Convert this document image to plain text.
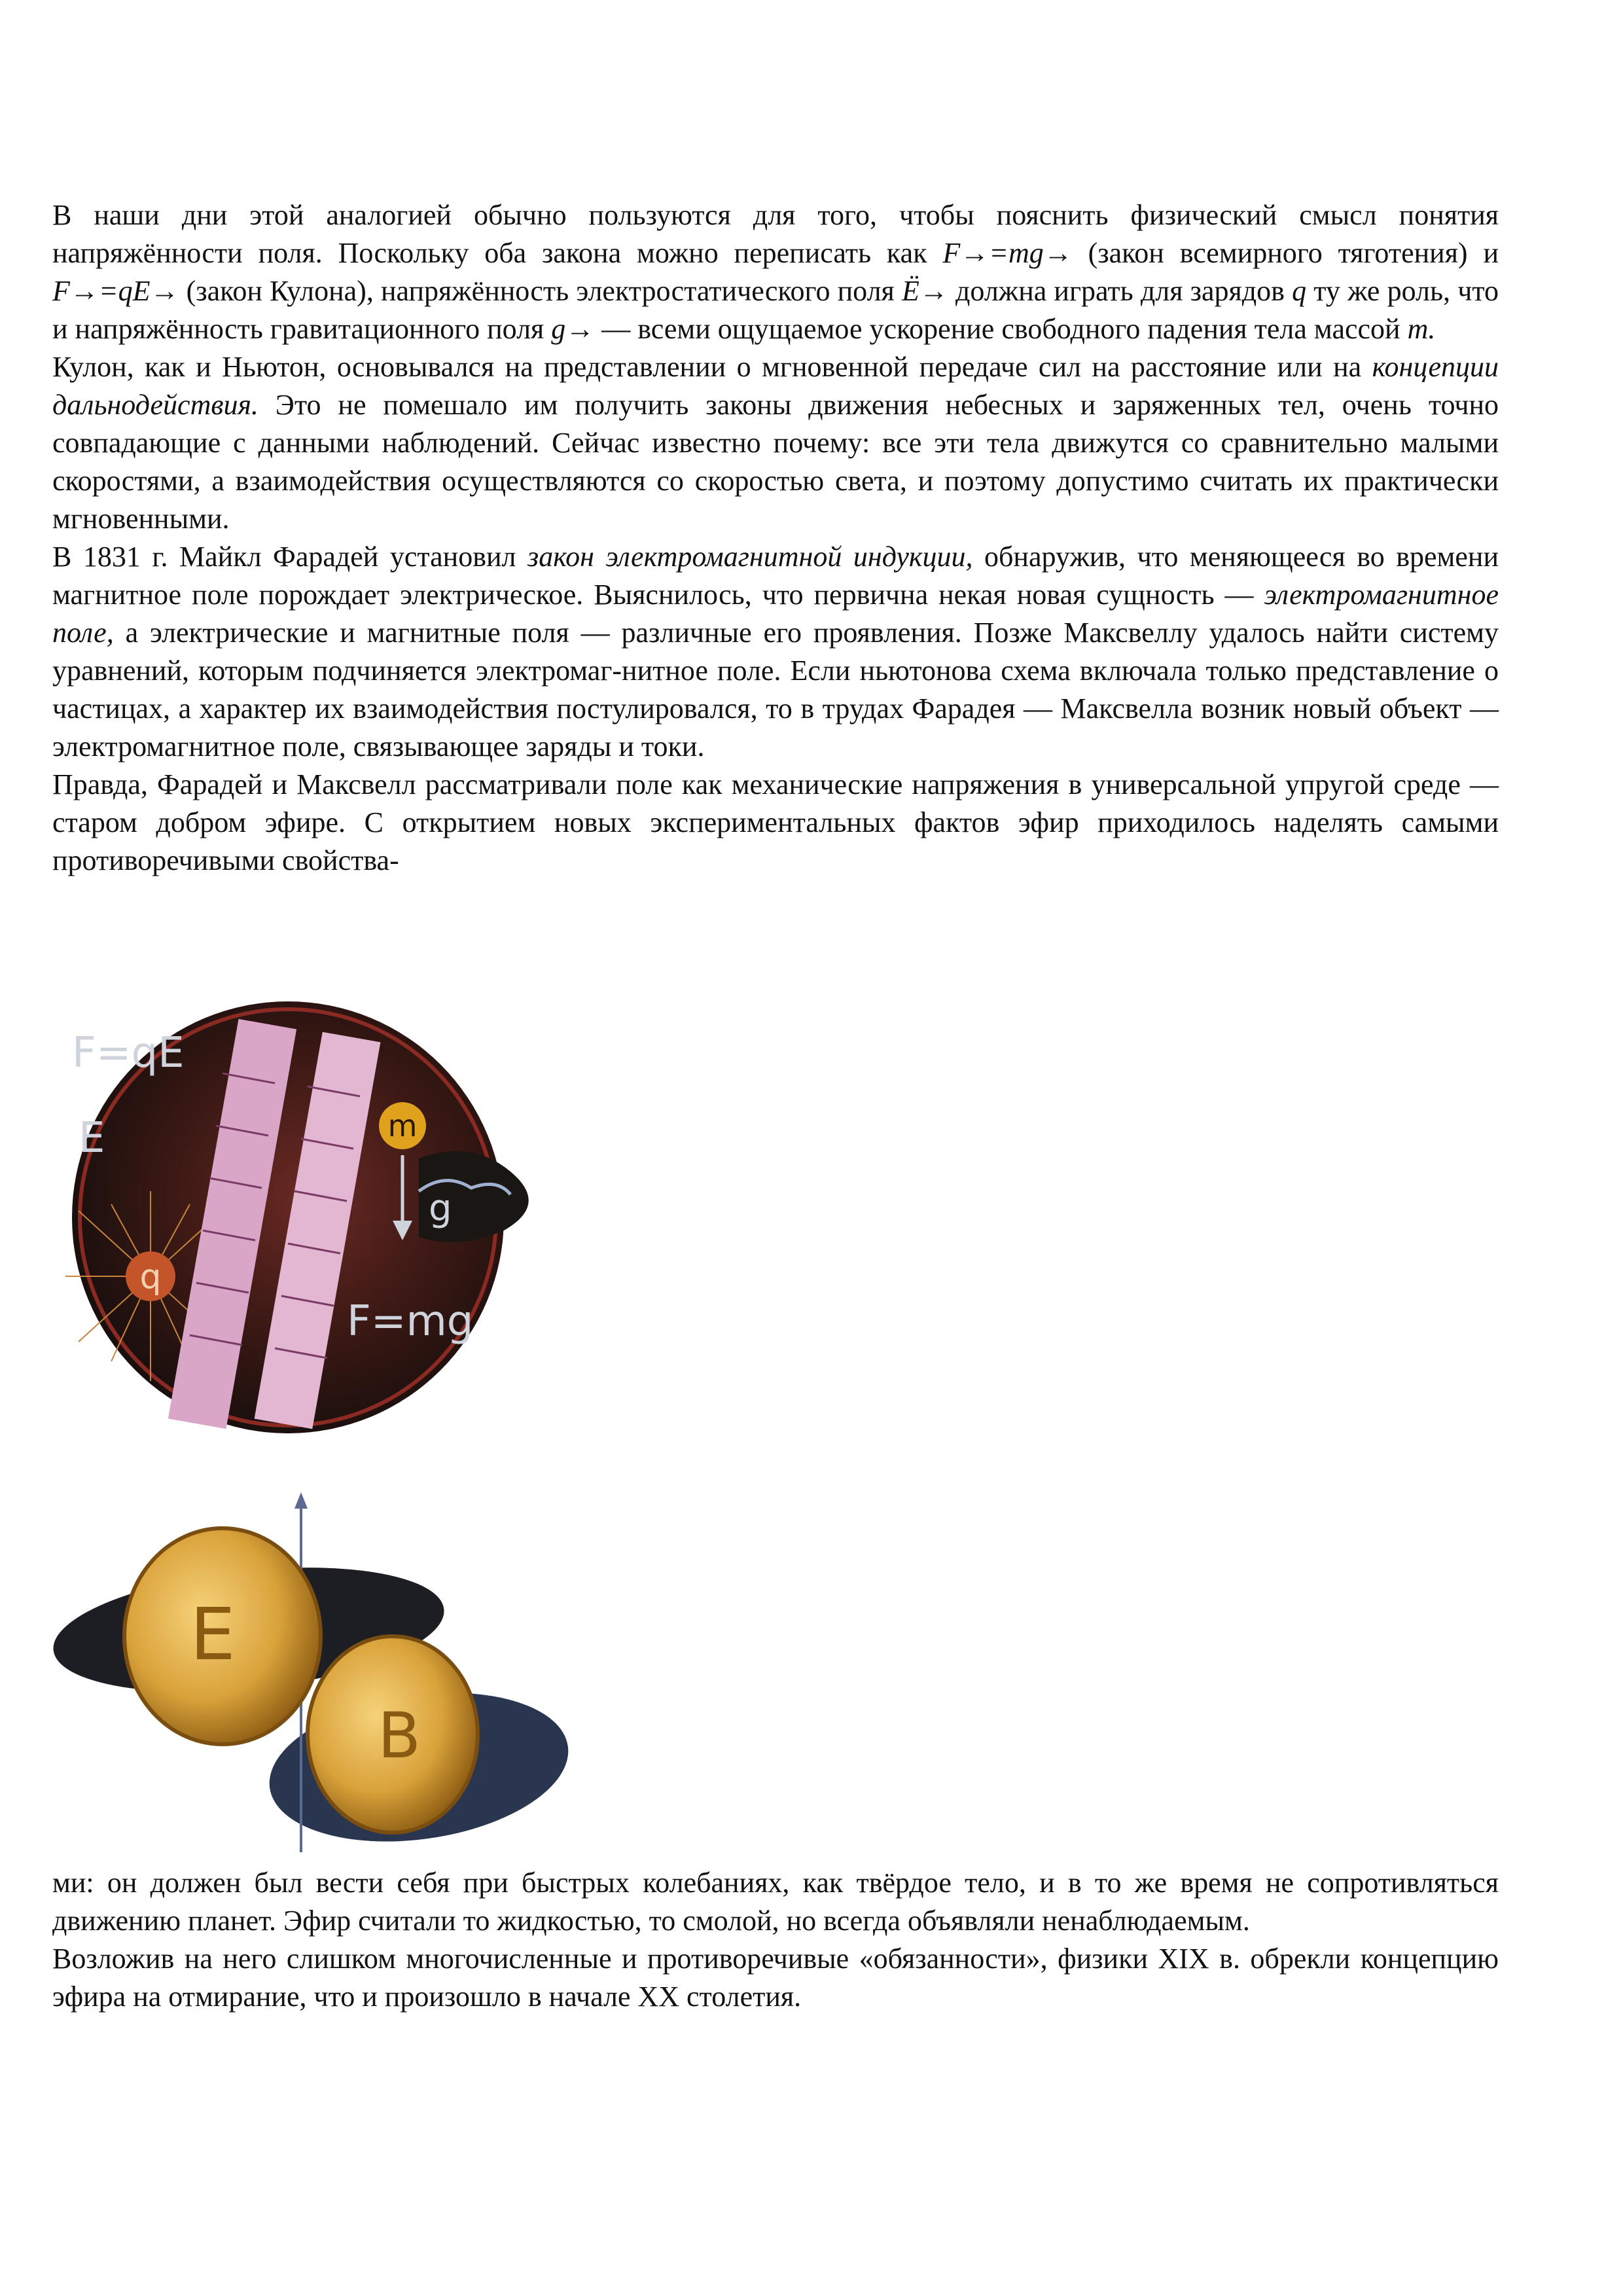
В наши дни этой аналогией обычно пользуются для того, чтобы пояснить физический смысл понятия напряжённости поля. Поскольку оба закона можно переписать как F→=mg→ (закон всемирного тяготения) и F→=qE→ (закон Кулона), напряжённость электростатического поля Ё→ должна играть для зарядов q ту же роль, что и напряжённость гравитационного поля g→ — всеми ощущаемое ускорение свободного падения тела массой m.

Кулон, как и Ньютон, основывался на представлении о мгновенной передаче сил на расстояние или на концепции дальнодействия. Это не помешало им получить законы движения небесных и заряженных тел, очень точно совпадающие с данными наблюдений. Сейчас известно почему: все эти тела движутся со сравнительно малыми скоростями, а взаимодействия осуществляются со скоростью света, и поэтому допустимо считать их практически мгновенными.

В 1831 г. Майкл Фарадей установил закон электромагнитной индукции, обнаружив, что меняющееся во времени магнитное поле порождает электрическое. Выяснилось, что первична некая новая сущность — электромагнитное поле, а электрические и магнитные поля — различные его проявления. Позже Максвеллу удалось найти систему уравнений, которым подчиняется электромаг-нитное поле. Если ньютонова схема включала только представление о частицах, а характер их взаимодействия постулировался, то в трудах Фарадея — Максвелла возник новый объект — электромагнитное поле, связывающее заряды и токи.

Правда, Фарадей и Максвелл рассматривали поле как механические напряжения в универсальной упругой среде — старом добром эфире. С открытием новых экспериментальных фактов эфир приходилось наделять самыми противоречивыми свойства-

m
g
F=qE
E
q
F=mg
E
B

ми: он должен был вести себя при быстрых колебаниях, как твёрдое тело, и в то же время не сопротивляться движению планет. Эфир считали то жидкостью, то смолой, но всегда объявляли ненаблюдаемым.

Возложив на него слишком многочисленные и противоречивые «обязанности», физики XIX в. обрекли концепцию эфира на отмирание, что и произошло в начале XX столетия.
